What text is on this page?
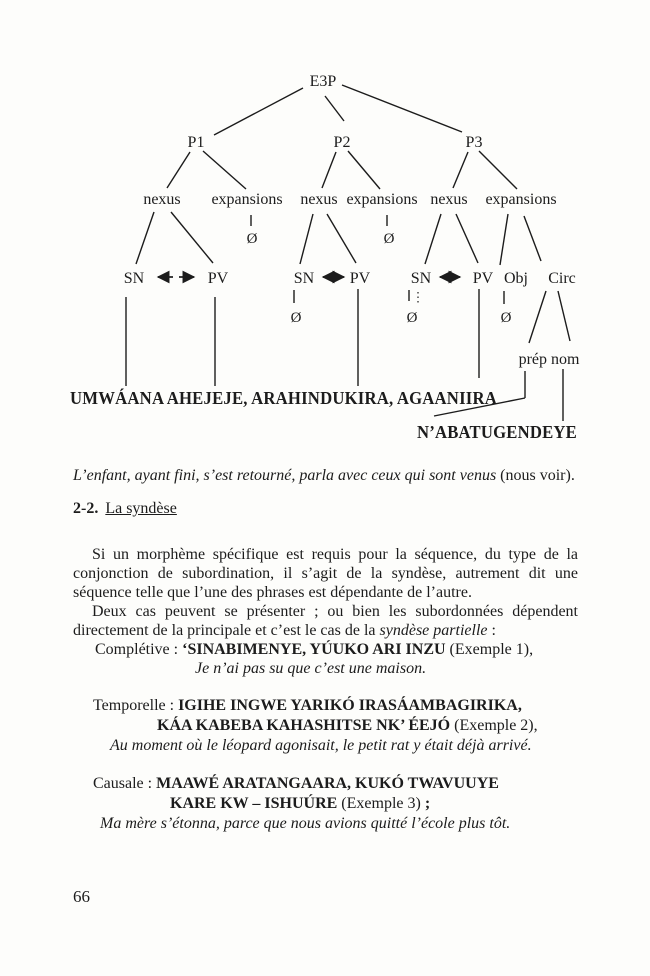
E3P
P1	P2	P3
nexus expansions nexus expansions nexus expansions
Ø	Ø
SN	PV	SN PV	SN	PV Obj Circ
Ø	Ø	Ø
prép nom
UMWÁANA AHEJEJE, ARAHINDUKIRA, AGAANIIRA
N’ABATUGENDEYE

L’enfant, ayant fini, s’est retourné, parla avec ceux qui sont venus (nous voir).

2-2. La syndèse

Si un morphème spécifique est requis pour la séquence, du type de la conjonction de subordination, il s’agit de la syndèse, autrement dit une séquence telle que l’une des phrases est dépendante de l’autre.

Deux cas peuvent se présenter ; ou bien les subordonnées dépendent directement de la principale et c’est le cas de la syndèse partielle :

Complétive : ‘SINABIMENYE, YÚUKO ARI INZU (Exemple 1),
Je n’ai pas su que c’est une maison.
Temporelle : IGIHE INGWE YARIKÓ IRASÁAMBAGIRIKA,
KÁA KABEBA KAHASHITSE NK’ ÉEJÓ (Exemple 2),
Au moment où le léopard agonisait, le petit rat y était déjà arrivé.
Causale : MAAWÉ ARATANGAARA, KUKÓ TWAVUUYE
KARE KW – ISHUÚRE (Exemple 3) ;
Ma mère s’étonna, parce que nous avions quitté l’école plus tôt.
66
